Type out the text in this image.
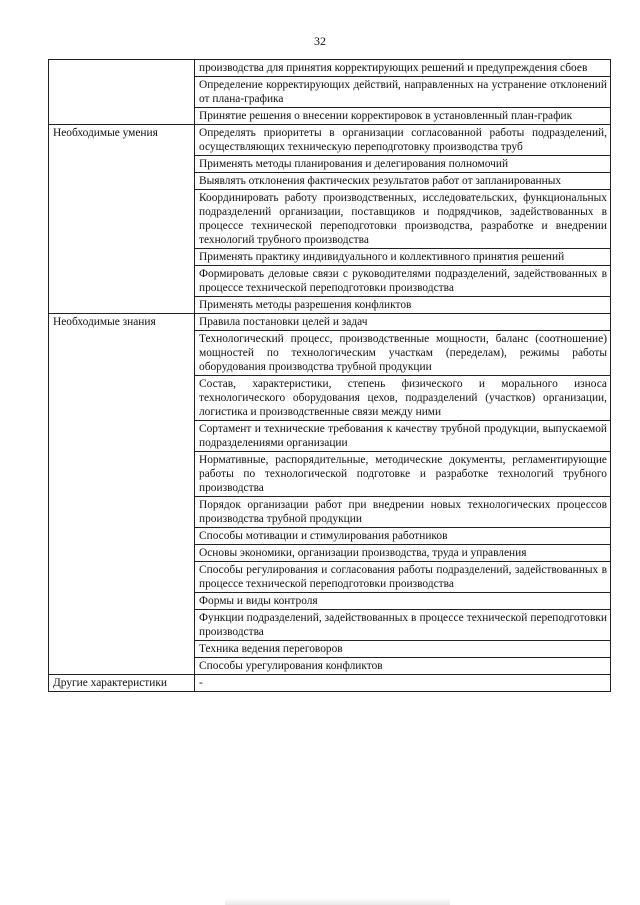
32
	производства для принятия корректирующих решений и предупреждения сбоев
	Определение корректирующих действий, направленных на устранение отклонений от плана-графика
	Принятие решения о внесении корректировок в установленный план-график
Необходимые умения	Определять приоритеты в организации согласованной работы подразделений, осуществляющих техническую переподготовку производства труб
	Применять методы планирования и делегирования полномочий
	Выявлять отклонения фактических результатов работ от запланированных
	Координировать работу производственных, исследовательских, функциональных подразделений организации, поставщиков и подрядчиков, задействованных в процессе технической переподготовки производства, разработке и внедрении технологий трубного производства
	Применять практику индивидуального и коллективного принятия решений
	Формировать деловые связи с руководителями подразделений, задействованных в процессе технической переподготовки производства
	Применять методы разрешения конфликтов
Необходимые знания	Правила постановки целей и задач
	Технологический процесс, производственные мощности, баланс (соотношение) мощностей по технологическим участкам (переделам), режимы работы оборудования производства трубной продукции
	Состав, характеристики, степень физического и морального износа технологического оборудования цехов, подразделений (участков) организации, логистика и производственные связи между ними
	Сортамент и технические требования к качеству трубной продукции, выпускаемой подразделениями организации
	Нормативные, распорядительные, методические документы, регламентирующие работы по технологической подготовке и разработке технологий трубного производства
	Порядок организации работ при внедрении новых технологических процессов производства трубной продукции
	Способы мотивации и стимулирования работников
	Основы экономики, организации производства, труда и управления
	Способы регулирования и согласования работы подразделений, задействованных в процессе технической переподготовки производства
	Формы и виды контроля
	Функции подразделений, задействованных в процессе технической переподготовки производства
	Техника ведения переговоров
	Способы урегулирования конфликтов
Другие характеристики	-
